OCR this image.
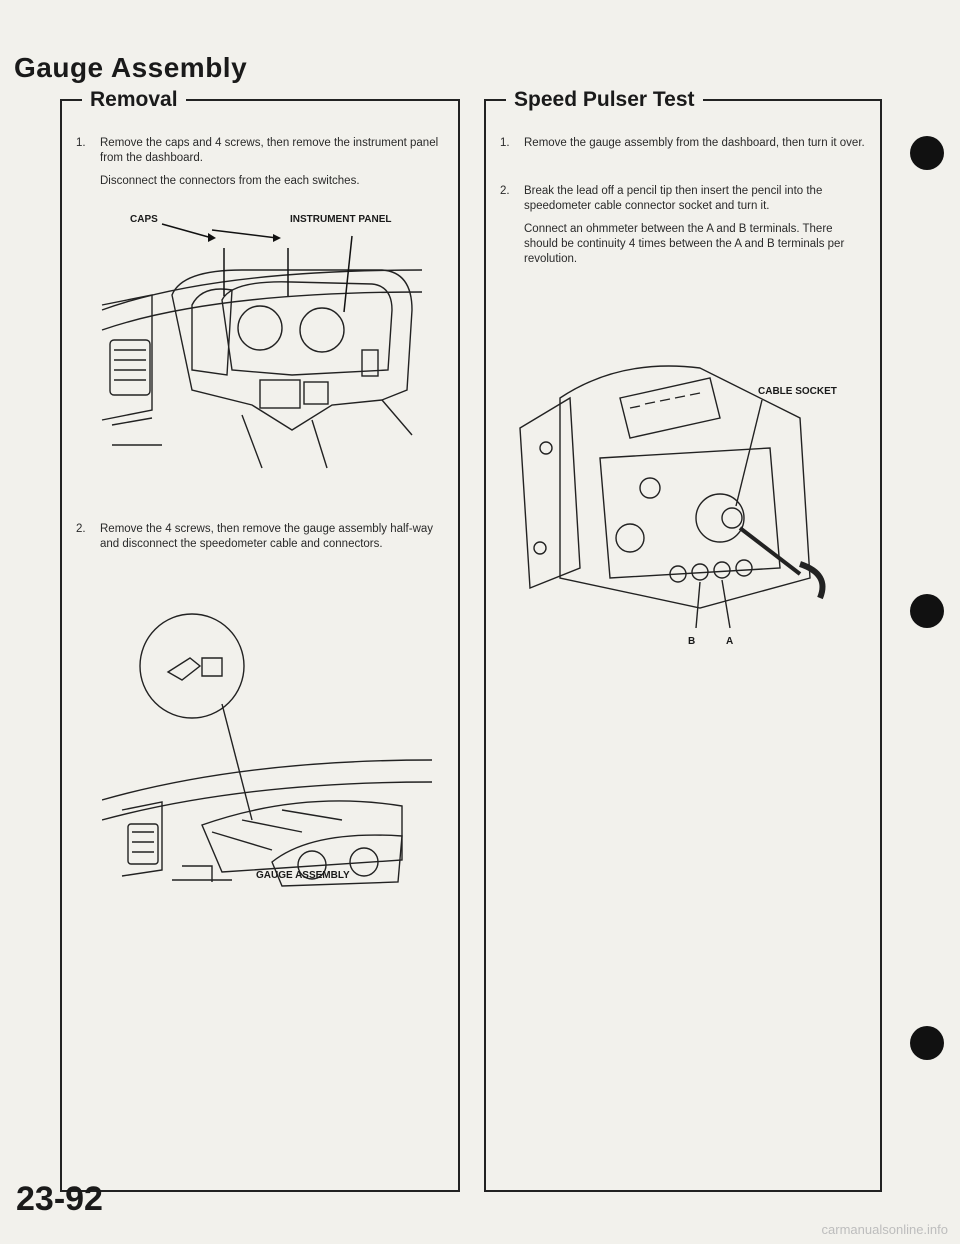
Gauge Assembly
Removal
1.	Remove the caps and 4 screws, then remove the instrument panel from the dashboard.

Disconnect the connectors from the each switches.

CAPS	INSTRUMENT PANEL
2.	Remove the 4 screws, then remove the gauge assembly half-way and disconnect the speedometer cable and connectors.

GAUGE ASSEMBLY
Speed Pulser Test
1.	Remove the gauge assembly from the dashboard, then turn it over.

2.	Break the lead off a pencil tip then insert the pencil into the speedometer cable connector socket and turn it.

Connect an ohmmeter between the A and B terminals. There should be continuity 4 times between the A and B terminals per revolution.

CABLE SOCKET
B	A
23-92
carmanualsonline.info
